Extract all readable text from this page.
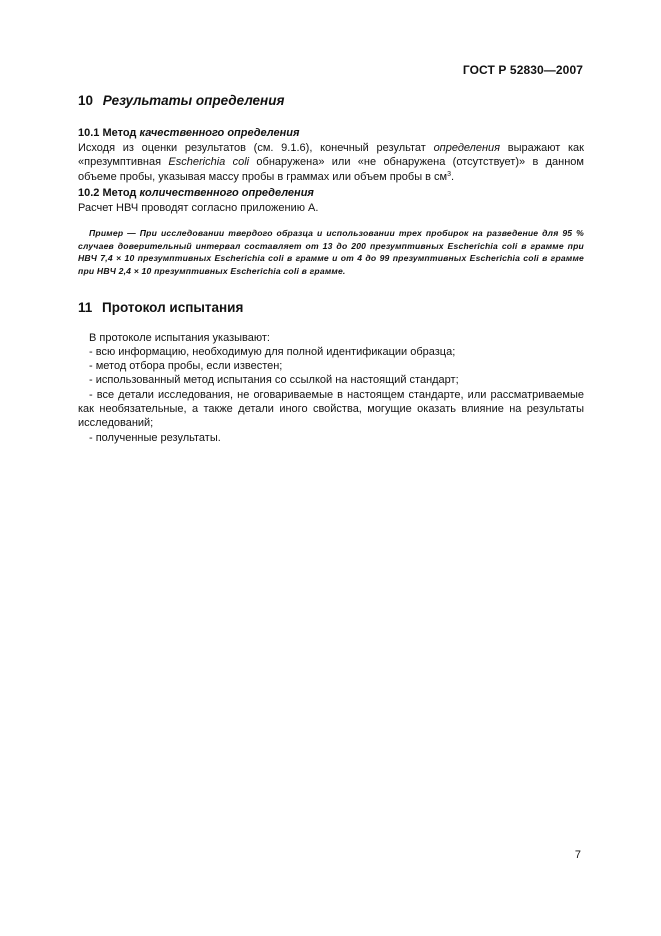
ГОСТ Р 52830—2007
10 Результаты определения
10.1 Метод качественного определения

Исходя из оценки результатов (см. 9.1.6), конечный результат определения выражают как «презумптивная Escherichia coli обнаружена» или «не обнаружена (отсутствует)» в данном объеме пробы, указывая массу пробы в граммах или объем пробы в $см^3$.

10.2 Метод количественного определения

Расчет НВЧ проводят согласно приложению А.

Пример — При исследовании твердого образца и использовании трех пробирок на разведение для 95 % случаев доверительный интервал составляет от 13 до 200 презумптивных Escherichia coli в грамме при НВЧ 7,4 × 10 презумптивных Escherichia coli в грамме и от 4 до 99 презумптивных Escherichia coli в грамме при НВЧ 2,4 × 10 презумптивных Escherichia coli в грамме.
11 Протокол испытания

В протоколе испытания указывают:

- всю информацию, необходимую для полной идентификации образца;

- метод отбора пробы, если известен;

- использованный метод испытания со ссылкой на настоящий стандарт;

- все детали исследования, не оговариваемые в настоящем стандарте, или рассматриваемые как необязательные, а также детали иного свойства, могущие оказать влияние на результаты исследований;

- полученные результаты.

7
